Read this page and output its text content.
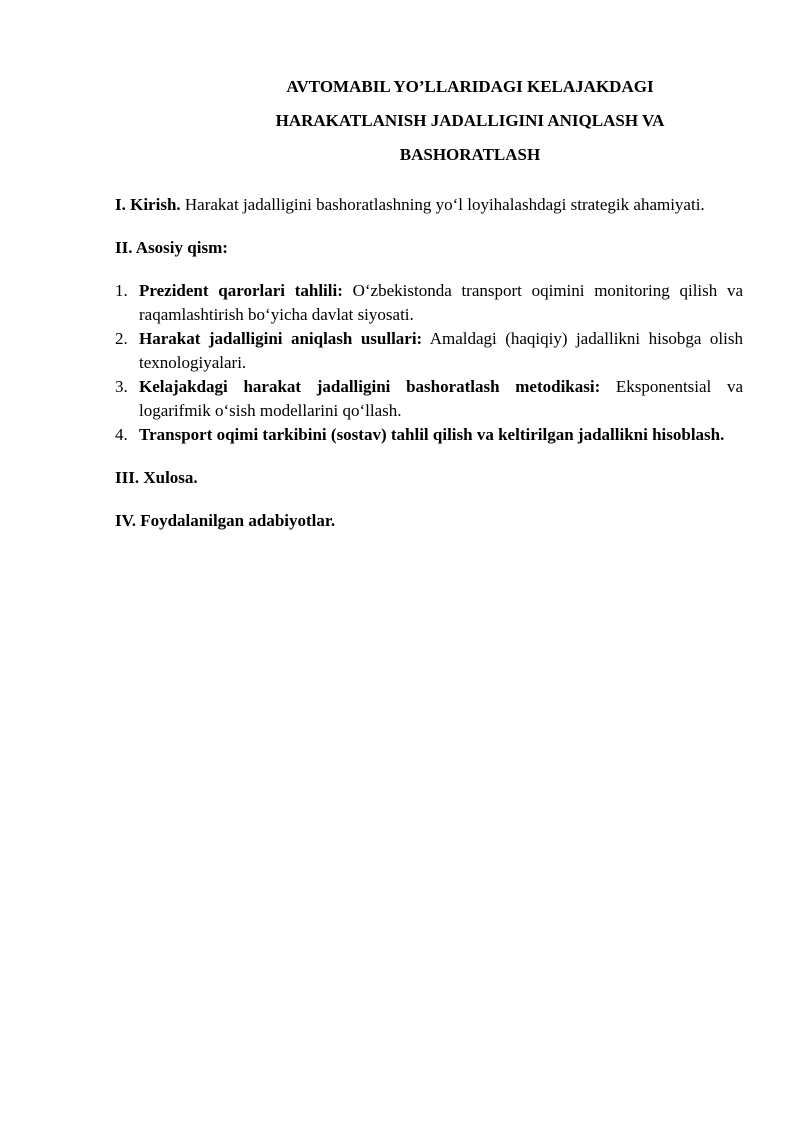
AVTOMABIL YO’LLARIDAGI KELAJAKDAGI
HARAKATLANISH JADALLIGINI ANIQLASH VA
BASHORATLASH

I. Kirish. Harakat jadalligini bashoratlashning yo‘l loyihalashdagi strategik ahamiyati.

II. Asosiy qism:

1. Prezident qarorlari tahlili: O‘zbekistonda transport oqimini monitoring qilish va raqamlashtirish bo‘yicha davlat siyosati.
2. Harakat jadalligini aniqlash usullari: Amaldagi (haqiqiy) jadallikni hisobga olish texnologiyalari.
3. Kelajakdagi harakat jadalligini bashoratlash metodikasi: Eksponentsial va logarifmik o‘sish modellarini qo‘llash.
4. Transport oqimi tarkibini (sostav) tahlil qilish va keltirilgan jadallikni hisoblash.

III. Xulosa.

IV. Foydalanilgan adabiyotlar.
